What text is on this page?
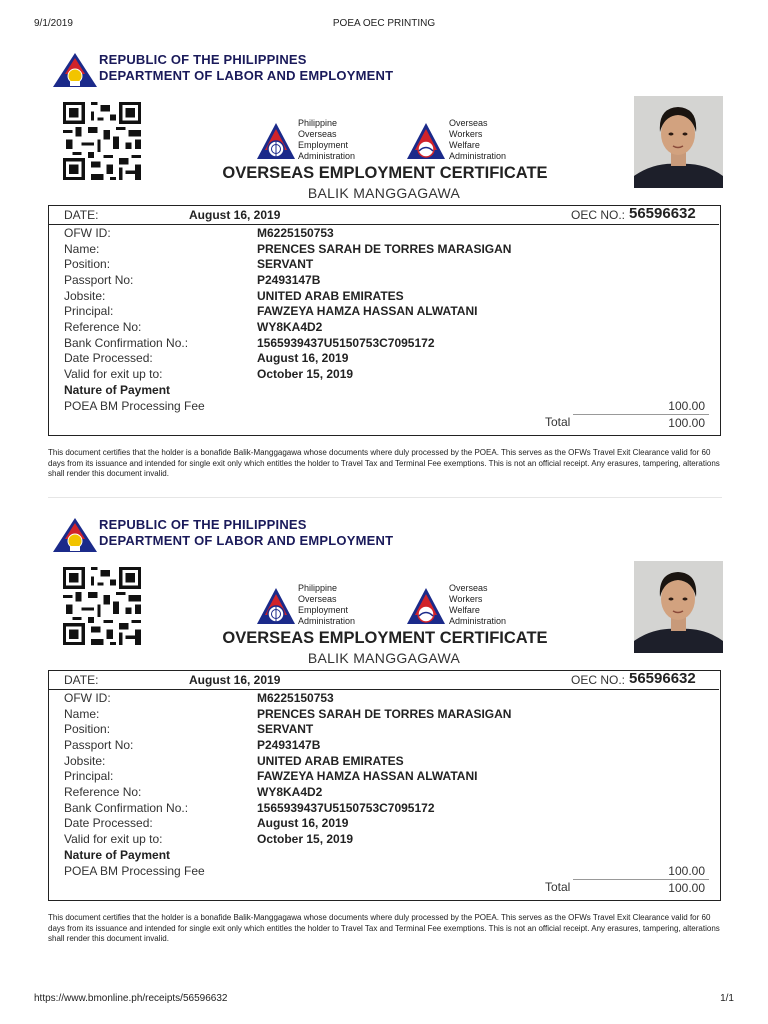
9/1/2019	POEA OEC PRINTING
REPUBLIC OF THE PHILIPPINES
DEPARTMENT OF LABOR AND EMPLOYMENT
Philippine
Overseas
Employment
Administration
Overseas
Workers
Welfare
Administration
OVERSEAS EMPLOYMENT CERTIFICATE
BALIK MANGGAGAWA
DATE:	August 16, 2019	OEC NO.: 56596632
OFW ID:	M6225150753
Name:	PRENCES SARAH DE TORRES MARASIGAN
Position:	SERVANT
Passport No:	P2493147B
Jobsite:	UNITED ARAB EMIRATES
Principal:	FAWZEYA HAMZA HASSAN ALWATANI
Reference No:	WY8KA4D2
Bank Confirmation No.:	1565939437U5150753C7095172
Date Processed:	August 16, 2019
Valid for exit up to:	October 15, 2019
Nature of Payment
POEA BM Processing Fee	100.00
Total	100.00
This document certifies that the holder is a bonafide Balik-Manggagawa whose documents where duly processed by the POEA. This serves as the OFWs Travel Exit Clearance valid for 60 days from its issuance and intended for single exit only which entitles the holder to Travel Tax and Terminal Fee exemptions. This is not an official receipt. Any erasures, tampering, alterations shall render this document invalid.
REPUBLIC OF THE PHILIPPINES
DEPARTMENT OF LABOR AND EMPLOYMENT
Philippine
Overseas
Employment
Administration
Overseas
Workers
Welfare
Administration
OVERSEAS EMPLOYMENT CERTIFICATE
BALIK MANGGAGAWA
DATE:	August 16, 2019	OEC NO.: 56596632
OFW ID:	M6225150753
Name:	PRENCES SARAH DE TORRES MARASIGAN
Position:	SERVANT
Passport No:	P2493147B
Jobsite:	UNITED ARAB EMIRATES
Principal:	FAWZEYA HAMZA HASSAN ALWATANI
Reference No:	WY8KA4D2
Bank Confirmation No.:	1565939437U5150753C7095172
Date Processed:	August 16, 2019
Valid for exit up to:	October 15, 2019
Nature of Payment
POEA BM Processing Fee	100.00
Total	100.00
This document certifies that the holder is a bonafide Balik-Manggagawa whose documents where duly processed by the POEA. This serves as the OFWs Travel Exit Clearance valid for 60 days from its issuance and intended for single exit only which entitles the holder to Travel Tax and Terminal Fee exemptions. This is not an official receipt. Any erasures, tampering, alterations shall render this document invalid.
https://www.bmonline.ph/receipts/56596632	1/1
